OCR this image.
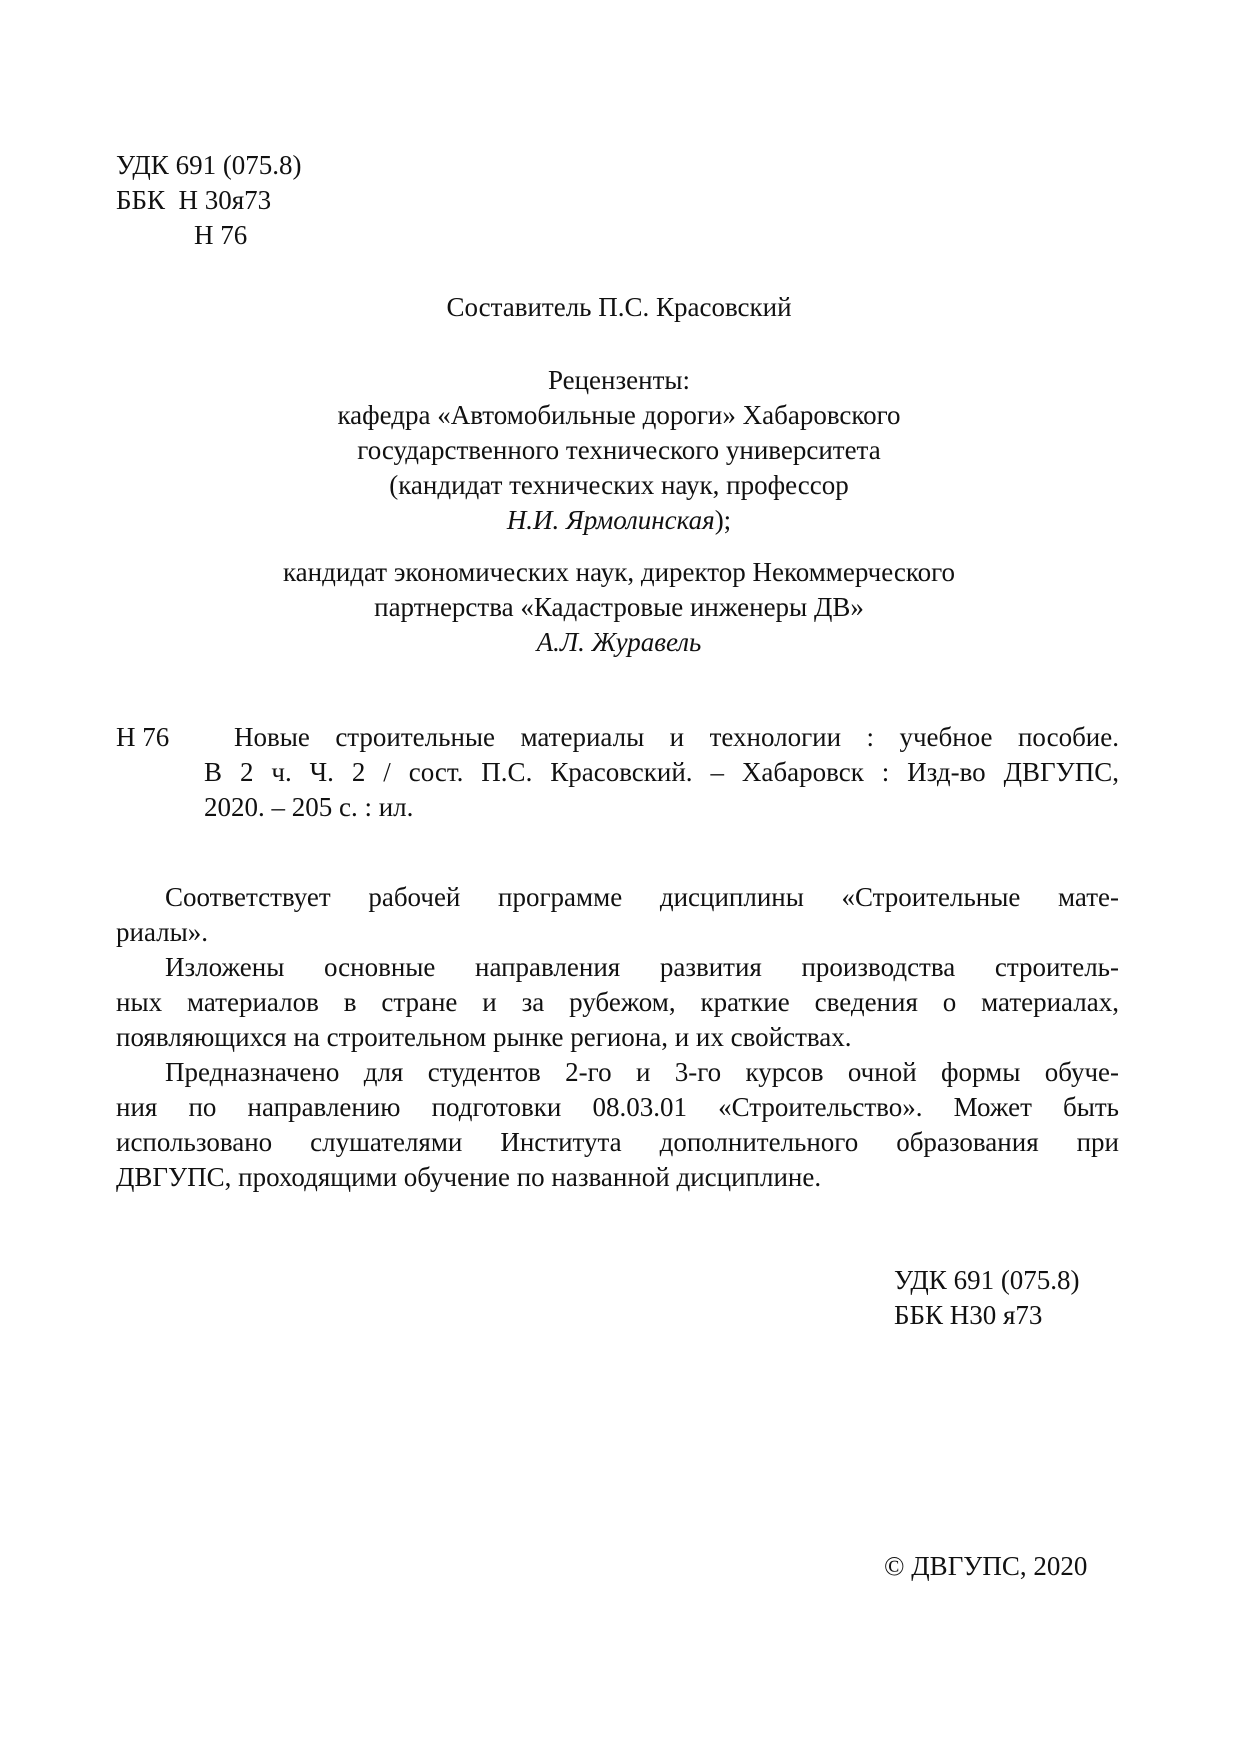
УДК 691 (075.8)
ББК  Н 30я73
Н 76
Составитель П.С. Красовский
Рецензенты:
кафедра «Автомобильные дороги» Хабаровского
государственного технического университета
(кандидат технических наук, профессор
Н.И. Ярмолинская);
кандидат экономических наук, директор Некоммерческого
партнерства «Кадастровые инженеры ДВ»
А.Л. Журавель
Н 76	Новые строительные материалы и технологии : учебное пособие.
В 2 ч. Ч. 2 / сост. П.С. Красовский. – Хабаровск : Изд-во ДВГУПС,
2020. – 205 с. : ил.
Соответствует рабочей программе дисциплины «Строительные мате-
риалы».
Изложены основные направления развития производства строитель-
ных материалов в стране и за рубежом, краткие сведения о материалах,
появляющихся на строительном рынке региона, и их свойствах.
Предназначено для студентов 2-го и 3-го курсов очной формы обуче-
ния по направлению подготовки 08.03.01 «Строительство». Может быть
использовано слушателями Института дополнительного образования при
ДВГУПС, проходящими обучение по названной дисциплине.
УДК 691 (075.8)
ББК Н30 я73
© ДВГУПС, 2020
